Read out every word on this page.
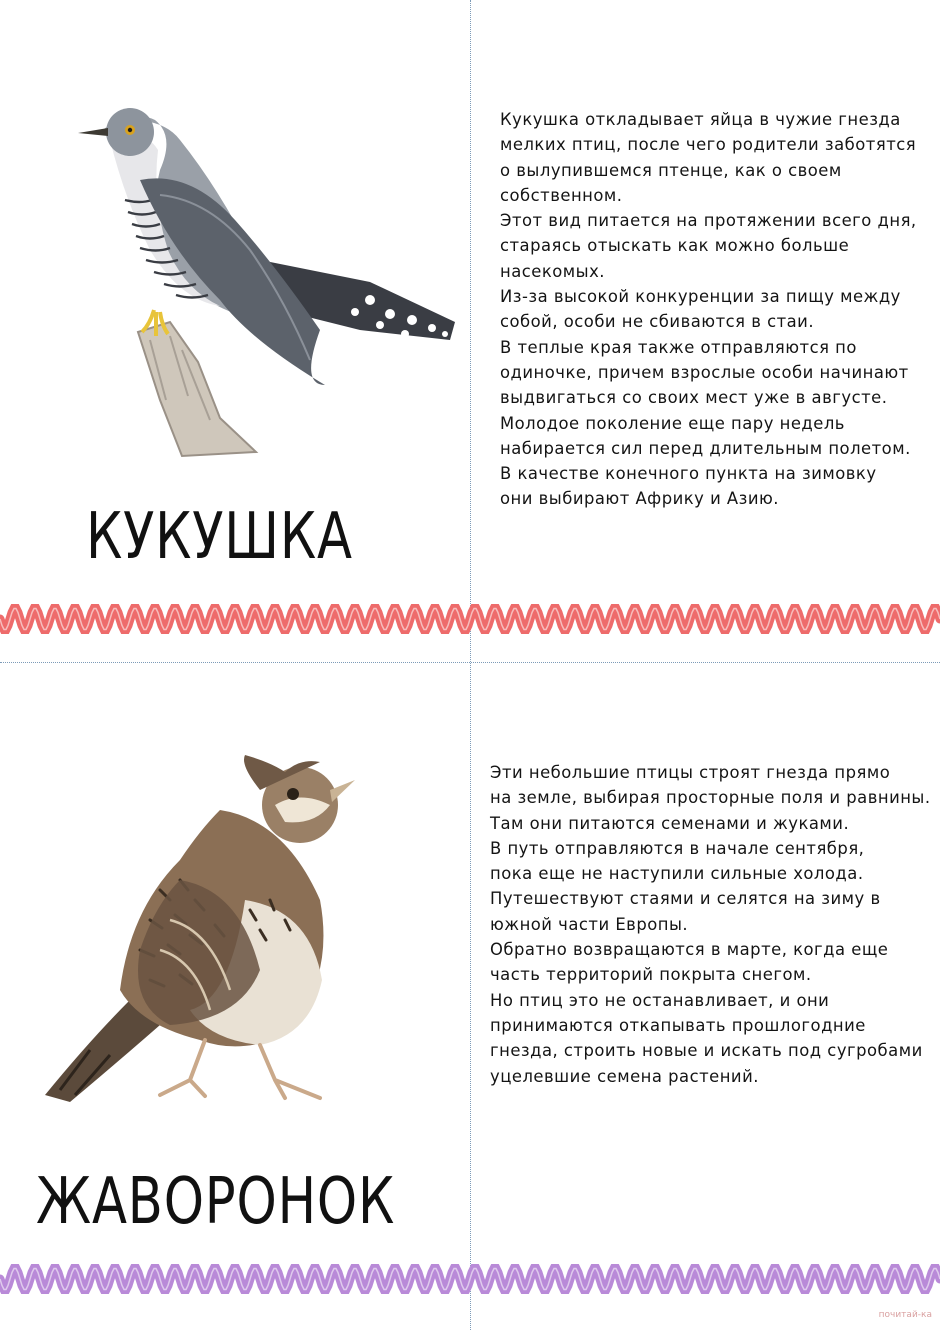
КУКУШКА

Кукушка откладывает яйца в чужие гнезда

мелких птиц, после чего родители заботятся

о вылупившемся птенце, как о своем

собственном.

Этот вид питается на протяжении всего дня,

стараясь отыскать как можно больше

насекомых.

Из-за высокой конкуренции за пищу между

собой, особи не сбиваются в стаи.

В теплые края также отправляются по

одиночке, причем взрослые особи начинают

выдвигаться со своих мест уже в августе.

Молодое поколение еще пару недель

набирается сил перед длительным полетом.

В качестве конечного пункта на зимовку

они выбирают Африку и Азию.

ЖАВОРОНОК

Эти небольшие птицы строят гнезда прямо

на земле, выбирая просторные поля и равнины.

Там они питаются семенами и жуками.

В путь отправляются в начале сентября,

пока еще не наступили сильные холода.

Путешествуют стаями и селятся на зиму в

южной части Европы.

Обратно возвращаются в марте, когда еще

часть территорий покрыта снегом.

Но птиц это не останавливает, и они

принимаются откапывать прошлогодние

гнезда, строить новые и искать под сугробами

уцелевшие семена растений.

почитай-ка
